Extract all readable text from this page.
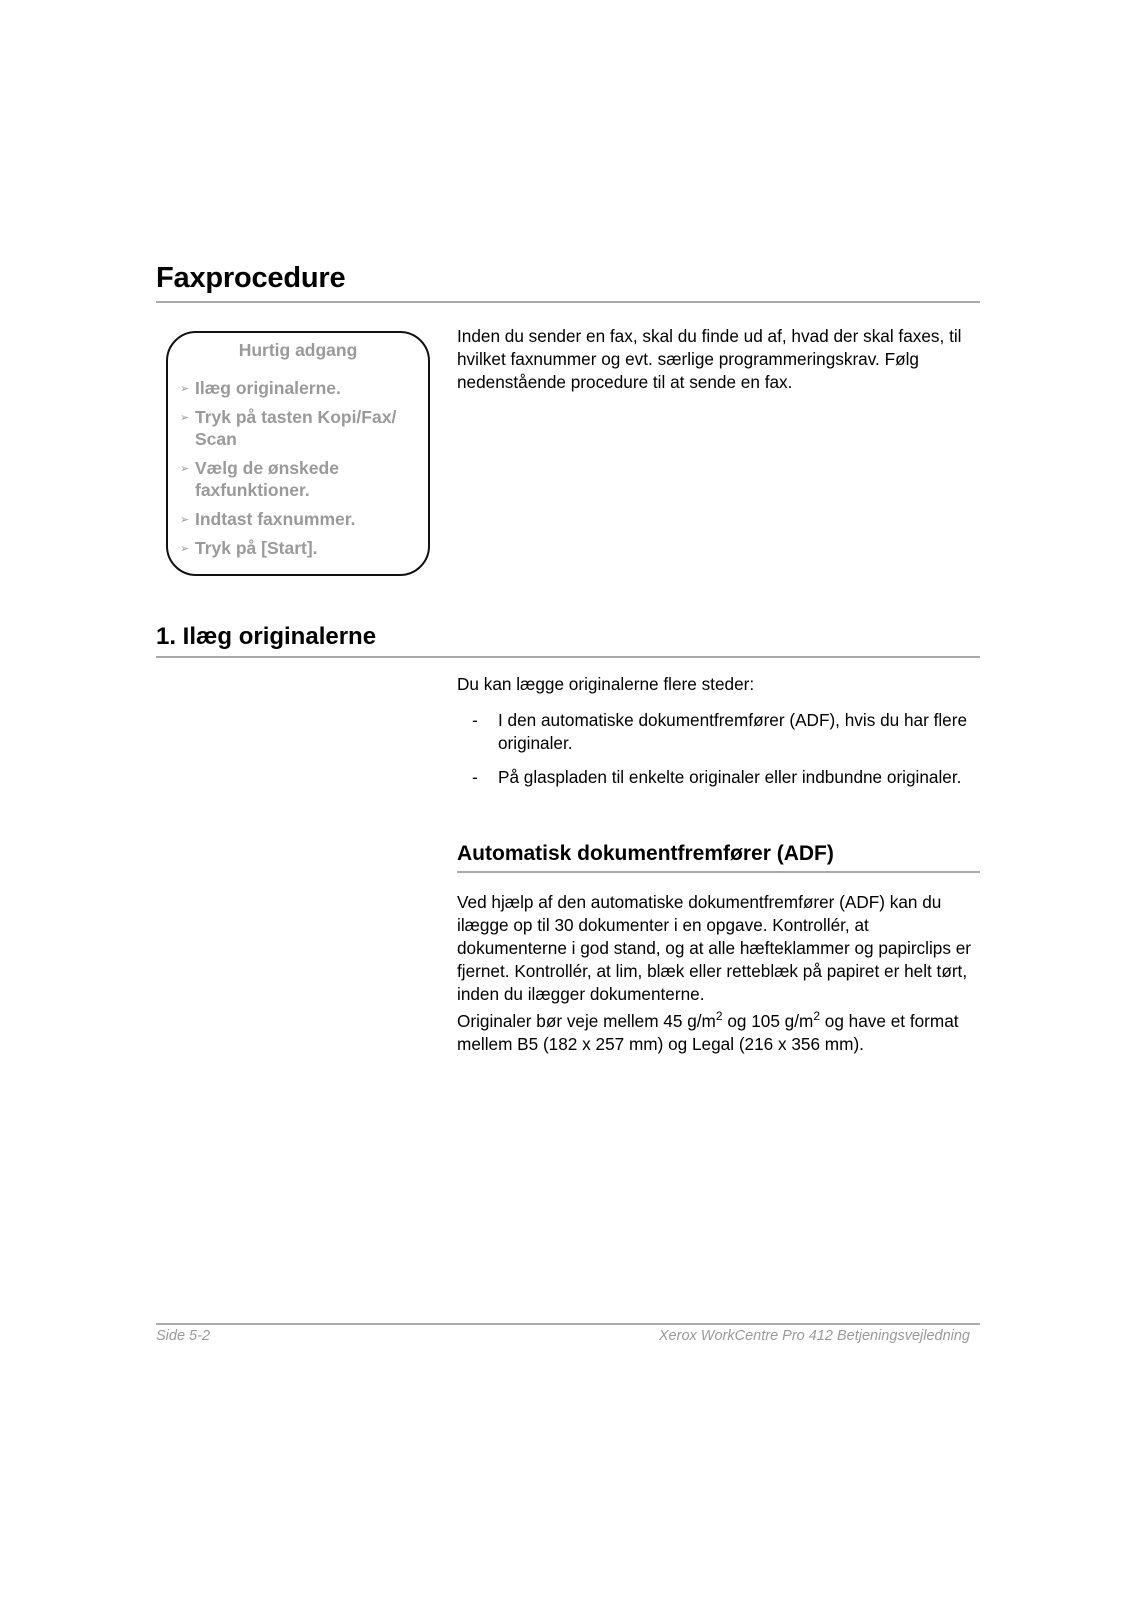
Faxprocedure
Hurtig adgang
➢ Ilæg originalerne.
➢ Tryk på tasten Kopi/Fax/ Scan
➢ Vælg de ønskede faxfunktioner.
➢ Indtast faxnummer.
➢ Tryk på [Start].
Inden du sender en fax, skal du finde ud af, hvad der skal faxes, til hvilket faxnummer og evt. særlige programmeringskrav. Følg nedenstående procedure til at sende en fax.
1. Ilæg originalerne
Du kan lægge originalerne flere steder:
- I den automatiske dokumentfremfører (ADF), hvis du har flere originaler.
- På glaspladen til enkelte originaler eller indbundne originaler.
Automatisk dokumentfremfører (ADF)
Ved hjælp af den automatiske dokumentfremfører (ADF) kan du ilægge op til 30 dokumenter i en opgave. Kontrollér, at dokumenterne i god stand, og at alle hæfteklammer og papirclips er fjernet. Kontrollér, at lim, blæk eller retteblæk på papiret er helt tørt, inden du ilægger dokumenterne.
Originaler bør veje mellem 45 $g/m^2$ og 105 $g/m^2$ og have et format mellem B5 (182 x 257 mm) og Legal (216 x 356 mm).
Side 5-2	Xerox WorkCentre Pro 412 Betjeningsvejledning
